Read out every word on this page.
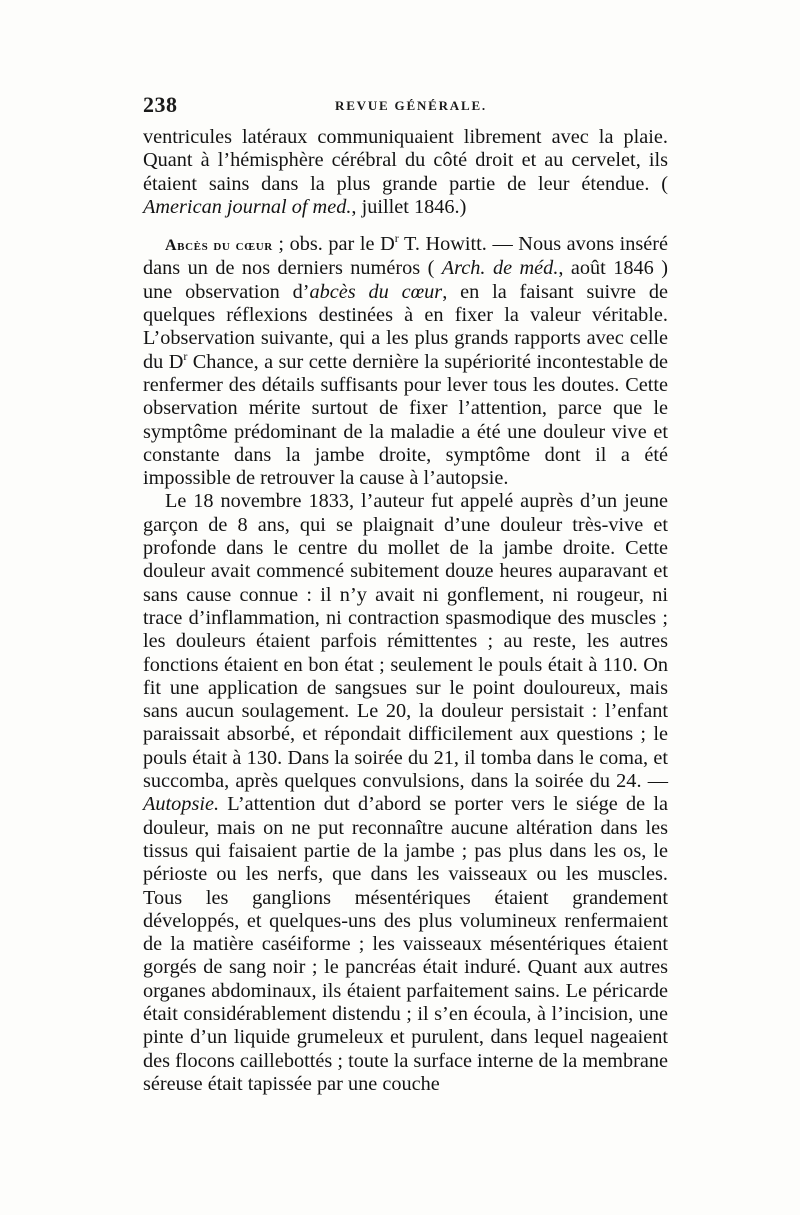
238	REVUE GÉNÉRALE.

ventricules latéraux communiquaient librement avec la plaie. Quant à l’hémisphère cérébral du côté droit et au cervelet, ils étaient sains dans la plus grande partie de leur étendue. ( American journal of med., juillet 1846.)

Abcès du cœur ; obs. par le $D^r$ T. Howitt. — Nous avons inséré dans un de nos derniers numéros ( Arch. de méd., août 1846 ) une observation d’abcès du cœur, en la faisant suivre de quelques réflexions destinées à en fixer la valeur véritable. L’observation suivante, qui a les plus grands rapports avec celle du $D^r$ Chance, a sur cette dernière la supériorité incontestable de renfermer des détails suffisants pour lever tous les doutes. Cette observation mérite surtout de fixer l’attention, parce que le symptôme prédominant de la maladie a été une douleur vive et constante dans la jambe droite, symptôme dont il a été impossible de retrouver la cause à l’autopsie.

Le 18 novembre 1833, l’auteur fut appelé auprès d’un jeune garçon de 8 ans, qui se plaignait d’une douleur très-vive et profonde dans le centre du mollet de la jambe droite. Cette douleur avait commencé subitement douze heures auparavant et sans cause connue : il n’y avait ni gonflement, ni rougeur, ni trace d’inflammation, ni contraction spasmodique des muscles ; les douleurs étaient parfois rémittentes ; au reste, les autres fonctions étaient en bon état ; seulement le pouls était à 110. On fit une application de sangsues sur le point douloureux, mais sans aucun soulagement. Le 20, la douleur persistait : l’enfant paraissait absorbé, et répondait difficilement aux questions ; le pouls était à 130. Dans la soirée du 21, il tomba dans le coma, et succomba, après quelques convulsions, dans la soirée du 24. — Autopsie. L’attention dut d’abord se porter vers le siége de la douleur, mais on ne put reconnaître aucune altération dans les tissus qui faisaient partie de la jambe ; pas plus dans les os, le périoste ou les nerfs, que dans les vaisseaux ou les muscles. Tous les ganglions mésentériques étaient grandement développés, et quelques-uns des plus volumineux renfermaient de la matière caséiforme ; les vaisseaux mésentériques étaient gorgés de sang noir ; le pancréas était induré. Quant aux autres organes abdominaux, ils étaient parfaitement sains. Le péricarde était considérablement distendu ; il s’en écoula, à l’incision, une pinte d’un liquide grumeleux et purulent, dans lequel nageaient des flocons caillebottés ; toute la surface interne de la membrane séreuse était tapissée par une couche
